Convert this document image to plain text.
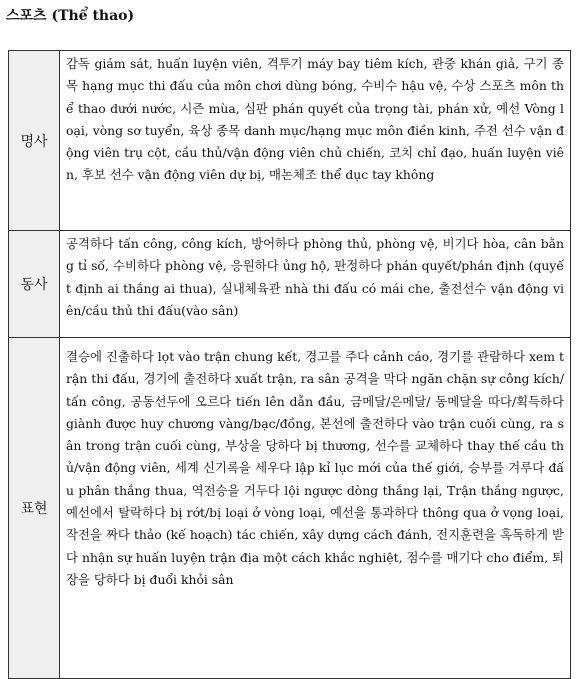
스포츠 (Thể thao)
명사	감독 giám sát, huấn luyện viên, 격투기 máy bay tiêm kích, 관중 khán giả, 구기 종목 hạng mục thi đấu của môn chơi dùng bóng, 수비수 hậu vệ, 수상 스포츠 môn thể thao dưới nước, 시즌 mùa, 심판 phán quyết của trọng tài, phán xử, 예선 Vòng loại, vòng sơ tuyển, 육상 종목 danh mục/hạng mục môn điền kinh, 주전 선수 vận động viên trụ cột, cầu thủ/vận động viên chủ chiến, 코치 chỉ đạo, huấn luyện viên, 후보 선수 vận động viên dự bị, 매논체조 thể dục tay không
동사	공격하다 tấn công, công kích, 방어하다 phòng thủ, phòng vệ, 비기다 hòa, cân bằng tỉ số, 수비하다 phòng vệ, 응원하다 ủng hộ, 판정하다 phán quyết/phán định (quyết định ai thắng ai thua), 실내체육관 nhà thi đấu có mái che, 출전선수 vận động viên/cầu thủ thi đấu(vào sân)
표현	결승에 진출하다 lọt vào trận chung kết, 경고를 주다 cảnh cáo, 경기를 관람하다 xem trận thi đấu, 경기에 출전하다 xuất trận, ra sân 공격을 막다 ngăn chặn sự công kích/tấn công, 공동선두에 오르다 tiến lên dẫn đầu, 금메달/은메달/ 동메달을 따다/획득하다 giành được huy chương vàng/bạc/đồng, 본선에 출전하다 vào trận cuối cùng, ra sân trong trận cuối cùng, 부상을 당하다 bị thương, 선수를 교체하다 thay thế cầu thủ/vận động viên, 세계 신기록을 세우다 lập kỉ lục mới của thế giới, 승부를 겨루다 đấu phân thắng thua, 역전승을 거두다 lội ngược dòng thắng lại, Trận thắng ngược, 예선에서 탈락하다 bị rớt/bị loại ở vòng loại, 예선을 통과하다 thông qua ở vọng loại, 작전을 짜다 thảo (kế hoạch) tác chiến, xây dựng cách đánh, 전지훈련을 혹독하게 받다 nhận sự huấn luyện trận địa một cách khắc nghiệt, 점수를 매기다 cho điểm, 퇴장을 당하다 bị đuổi khỏi sân
